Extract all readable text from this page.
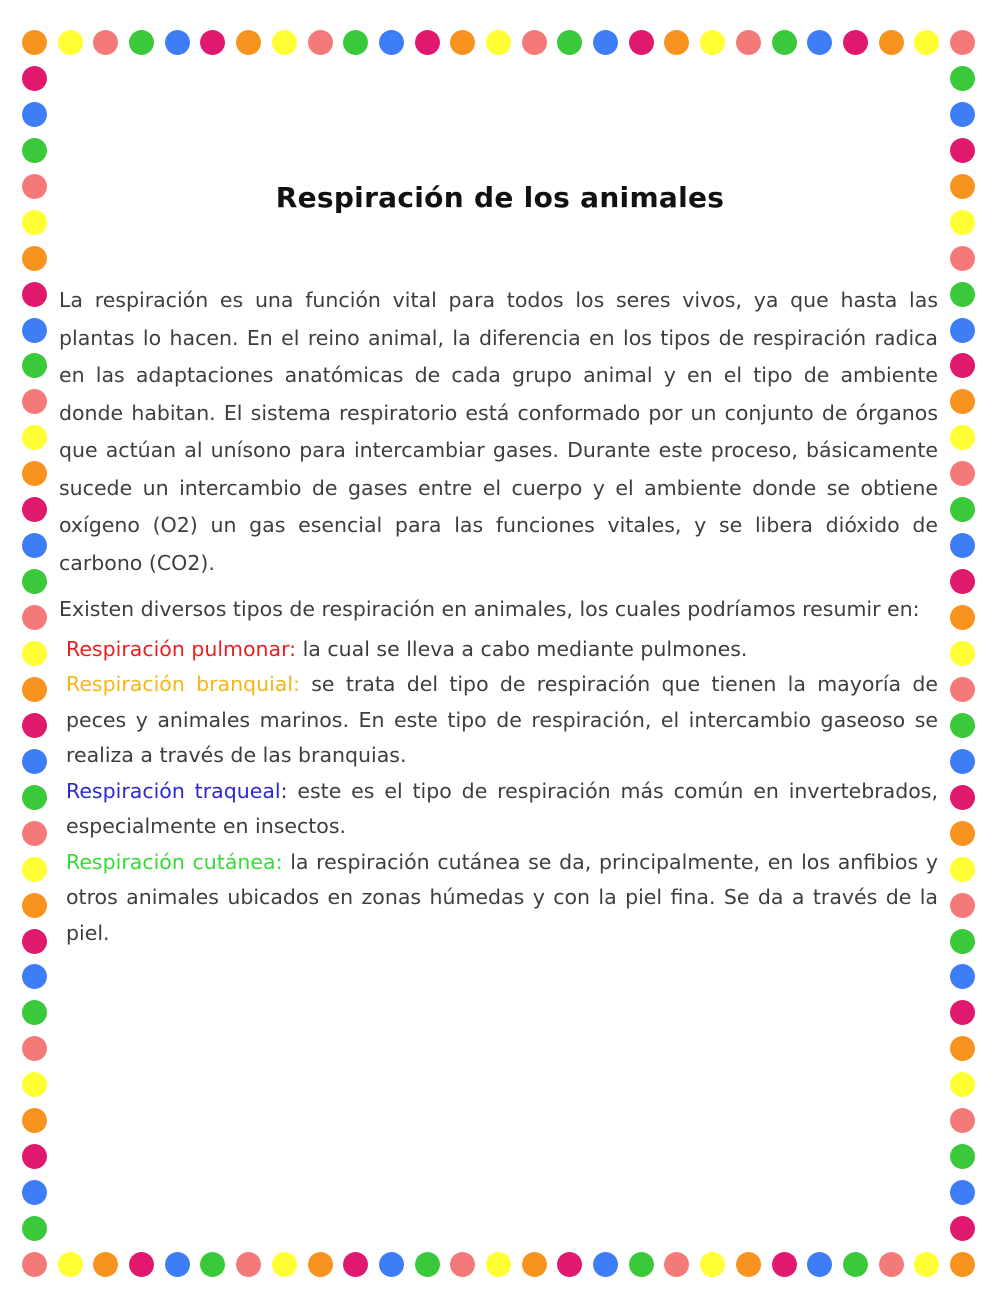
Respiración de los animales

La respiración es una función vital para todos los seres vivos, ya que hasta las plantas lo hacen. En el reino animal, la diferencia en los tipos de respiración radica en las adaptaciones anatómicas de cada grupo animal y en el tipo de ambiente donde habitan. El sistema respiratorio está conformado por un conjunto de órganos que actúan al unísono para intercambiar gases. Durante este proceso, básicamente sucede un intercambio de gases entre el cuerpo y el ambiente donde se obtiene oxígeno (O2) un gas esencial para las funciones vitales, y se libera dióxido de carbono (CO2).

Existen diversos tipos de respiración en animales, los cuales podríamos resumir en:

Respiración pulmonar: la cual se lleva a cabo mediante pulmones.

Respiración branquial: se trata del tipo de respiración que tienen la mayoría de peces y animales marinos. En este tipo de respiración, el intercambio gaseoso se realiza a través de las branquias.

Respiración traqueal: este es el tipo de respiración más común en invertebrados, especialmente en insectos.

Respiración cutánea: la respiración cutánea se da, principalmente, en los anfibios y otros animales ubicados en zonas húmedas y con la piel fina. Se da a través de la piel.
